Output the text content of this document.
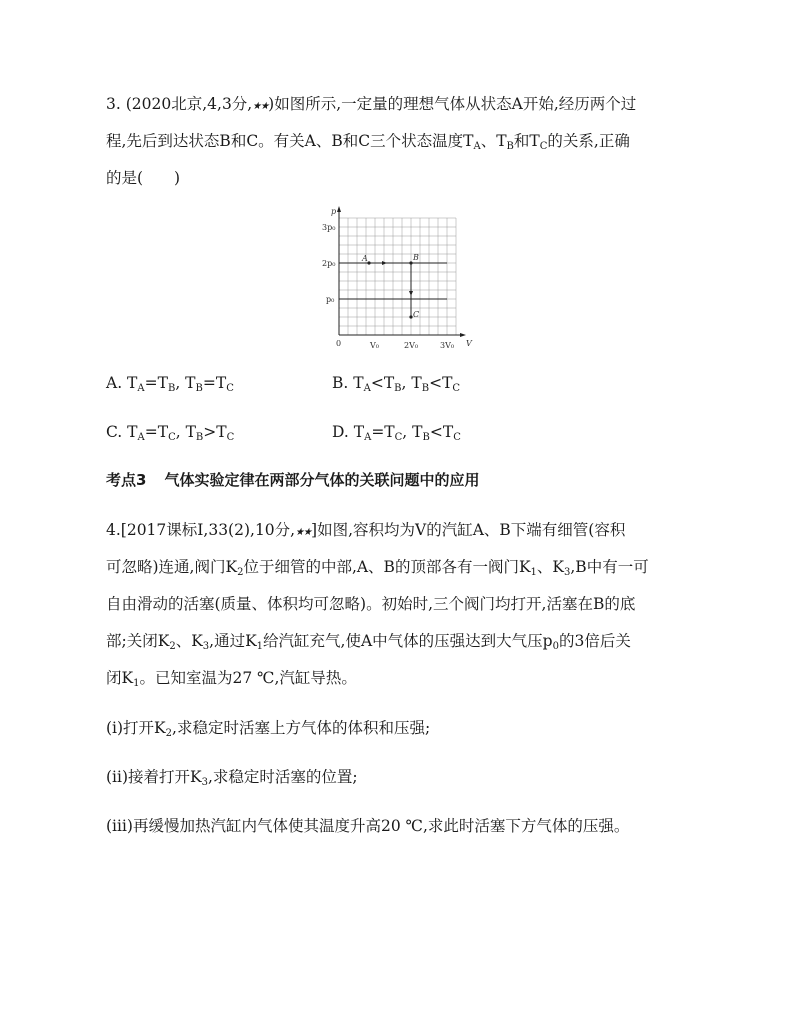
3. (2020北京,4,3分,★★)如图所示,一定量的理想气体从状态A开始,经历两个过
程,先后到达状态B和C。有关A、B和C三个状态温度$T_A$、$T_B$和$T_C$的关系,正确
的是(　　)
p
V
3p₀
2p₀
p₀
0	V₀	2V₀	3V₀
A	B
C
A. $T_A=T_B$, $T_B=T_C$	B. $T_A<T_B$, $T_B<T_C$
C. $T_A=T_C$, $T_B>T_C$	D. $T_A=T_C$, $T_B<T_C$
考点3 气体实验定律在两部分气体的关联问题中的应用
4.[2017课标Ⅰ,33(2),10分,★★]如图,容积均为V的汽缸A、B下端有细管(容积
可忽略)连通,阀门$K_2$位于细管的中部,A、B的顶部各有一阀门$K_1$、$K_3,B$中有一可
自由滑动的活塞(质量、体积均可忽略)。初始时,三个阀门均打开,活塞在B的底
部;关闭$K_2$、$K_3$,通过$K_1$给汽缸充气,使A中气体的压强达到大气压$p_0$的3倍后关
闭$K_1$。已知室温为27 ℃,汽缸导热。
(ⅰ)打开$K_2$,求稳定时活塞上方气体的体积和压强;
(ⅱ)接着打开$K_3$,求稳定时活塞的位置;
(ⅲ)再缓慢加热汽缸内气体使其温度升高20 ℃,求此时活塞下方气体的压强。
